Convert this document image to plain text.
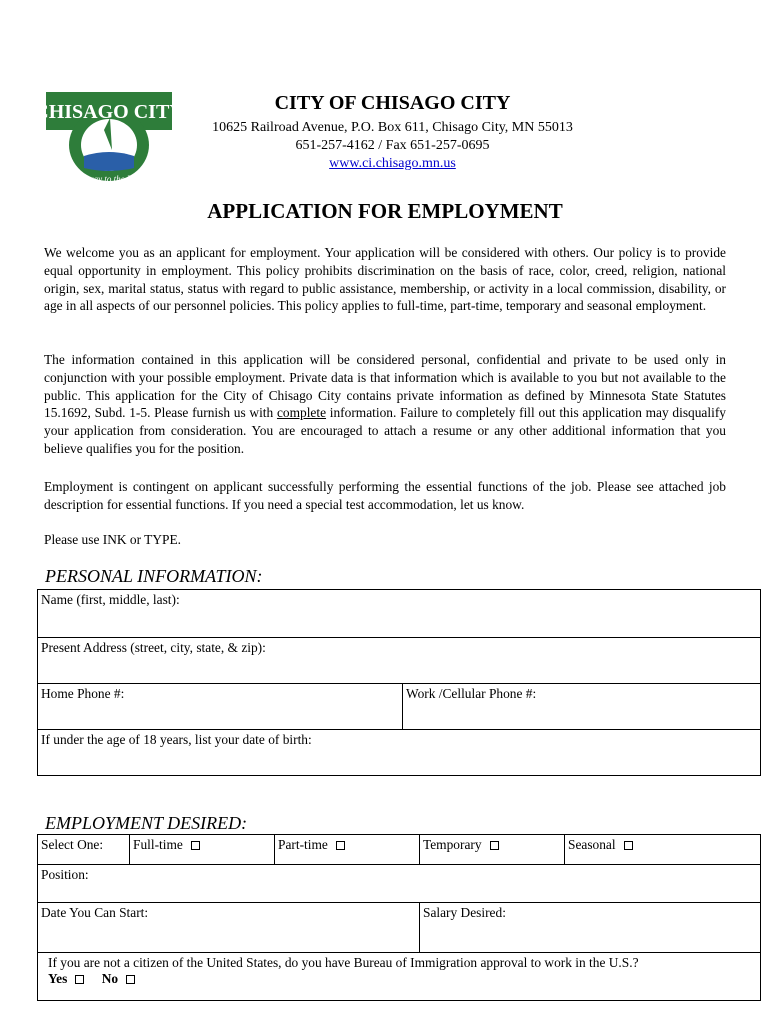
CHISAGO CITY
Gateway to the Lakes
CITY OF CHISAGO CITY
10625 Railroad Avenue, P.O. Box 611, Chisago City, MN 55013
651-257-4162 / Fax 651-257-0695
www.ci.chisago.mn.us
APPLICATION FOR EMPLOYMENT

We welcome you as an applicant for employment. Your application will be considered with others. Our policy is to provide equal opportunity in employment. This policy prohibits discrimination on the basis of race, color, creed, religion, national origin, sex, marital status, status with regard to public assistance, membership, or activity in a local commission, disability, or age in all aspects of our personnel policies. This policy applies to full-time, part-time, temporary and seasonal employment.

The information contained in this application will be considered personal, confidential and private to be used only in conjunction with your possible employment. Private data is that information which is available to you but not available to the public. This application for the City of Chisago City contains private information as defined by Minnesota State Statutes 15.1692, Subd. 1-5. Please furnish us with complete information. Failure to completely fill out this application may disqualify your application from consideration. You are encouraged to attach a resume or any other additional information that you believe qualifies you for the position.

Employment is contingent on applicant successfully performing the essential functions of the job. Please see attached job description for essential functions. If you need a special test accommodation, let us know.

Please use INK or TYPE.

PERSONAL INFORMATION:
Name (first, middle, last):
Present Address (street, city, state, & zip):
Home Phone #:	Work /Cellular Phone #:
If under the age of 18 years, list your date of birth:
EMPLOYMENT DESIRED:
Select One:	Full-time	Part-time	Temporary	Seasonal
Position:				
Date You Can Start:			Salary Desired:	

If you are not a citizen of the United States, do you have Bureau of Immigration approval to work in the U.S.?
Yes No				
